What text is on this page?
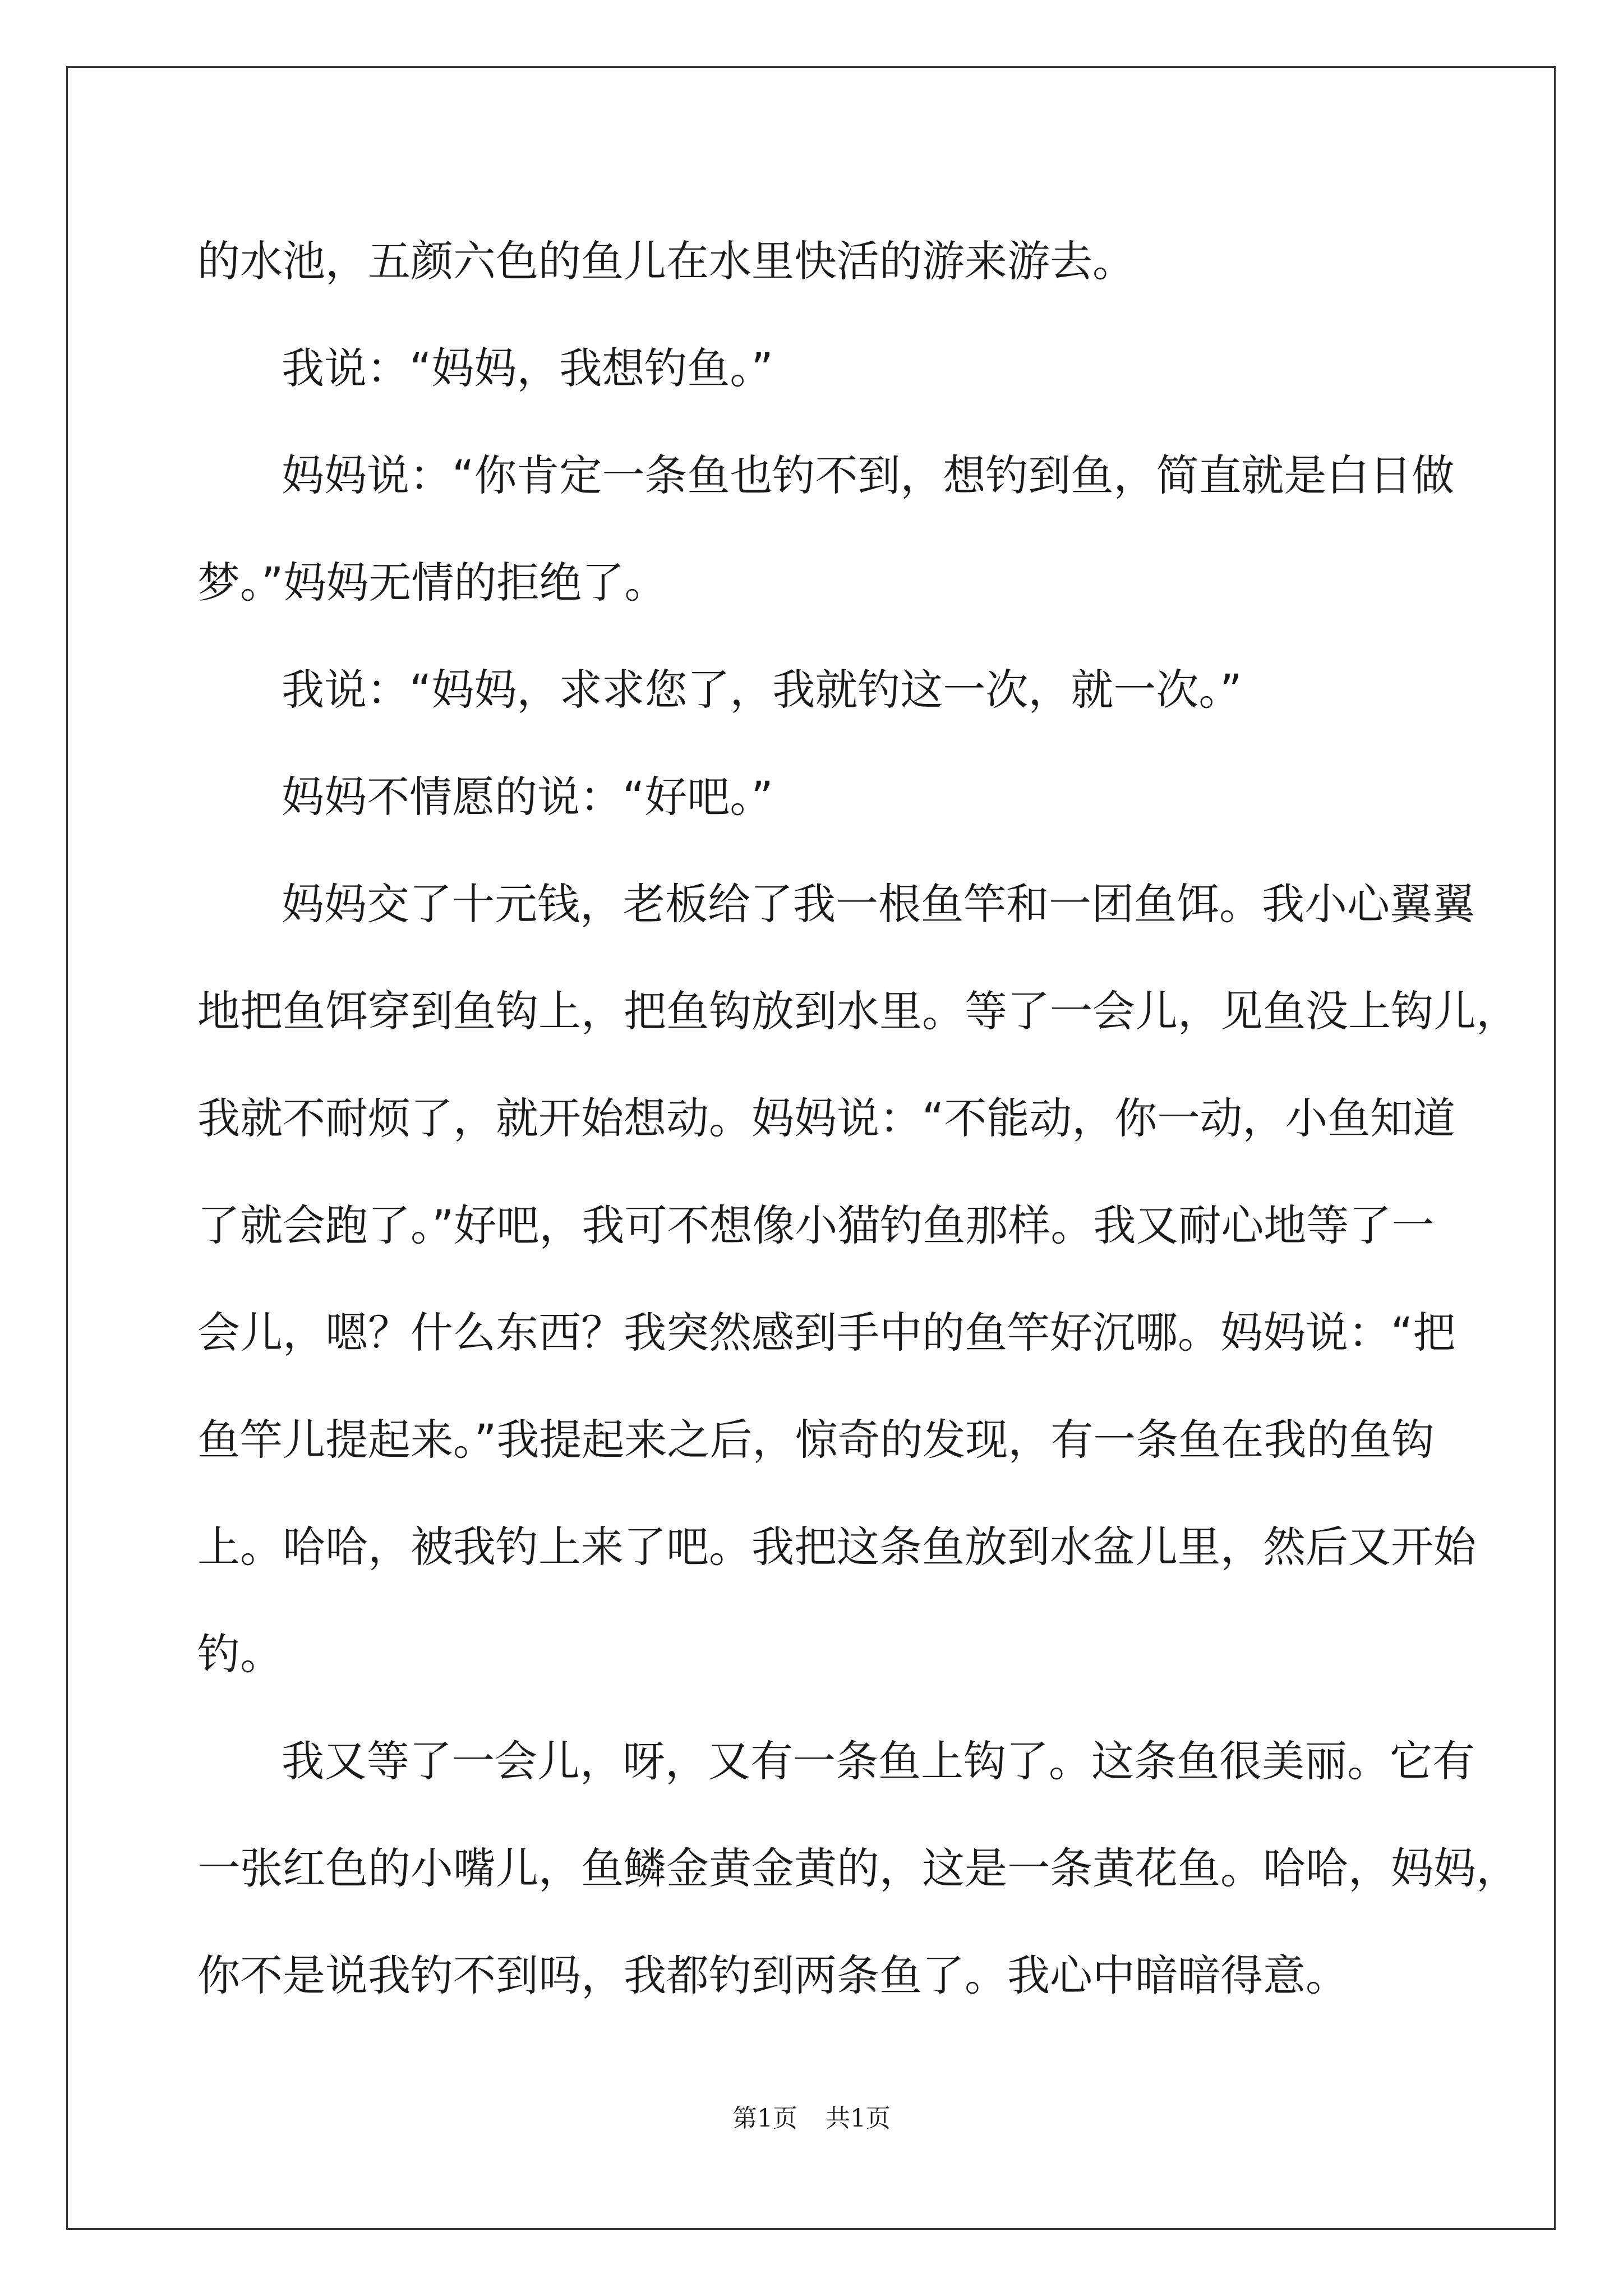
的水池，五颜六色的鱼儿在水里快活的游来游去。
我说：“妈妈，我想钓鱼。”
妈妈说：“你肯定一条鱼也钓不到，想钓到鱼，简直就是白日做
梦。”妈妈无情的拒绝了。
我说：“妈妈，求求您了，我就钓这一次，就一次。”
妈妈不情愿的说：“好吧。”
妈妈交了十元钱，老板给了我一根鱼竿和一团鱼饵。我小心翼翼
地把鱼饵穿到鱼钩上，把鱼钩放到水里。等了一会儿，见鱼没上钩儿，
我就不耐烦了，就开始想动。妈妈说：“不能动，你一动，小鱼知道
了就会跑了。”好吧，我可不想像小猫钓鱼那样。我又耐心地等了一
会儿，嗯？什么东西？我突然感到手中的鱼竿好沉哪。妈妈说：“把
鱼竿儿提起来。”我提起来之后，惊奇的发现，有一条鱼在我的鱼钩
上。哈哈，被我钓上来了吧。我把这条鱼放到水盆儿里，然后又开始
钓。
我又等了一会儿，呀，又有一条鱼上钩了。这条鱼很美丽。它有
一张红色的小嘴儿，鱼鳞金黄金黄的，这是一条黄花鱼。哈哈，妈妈，
你不是说我钓不到吗，我都钓到两条鱼了。我心中暗暗得意。
第1页 共1页
